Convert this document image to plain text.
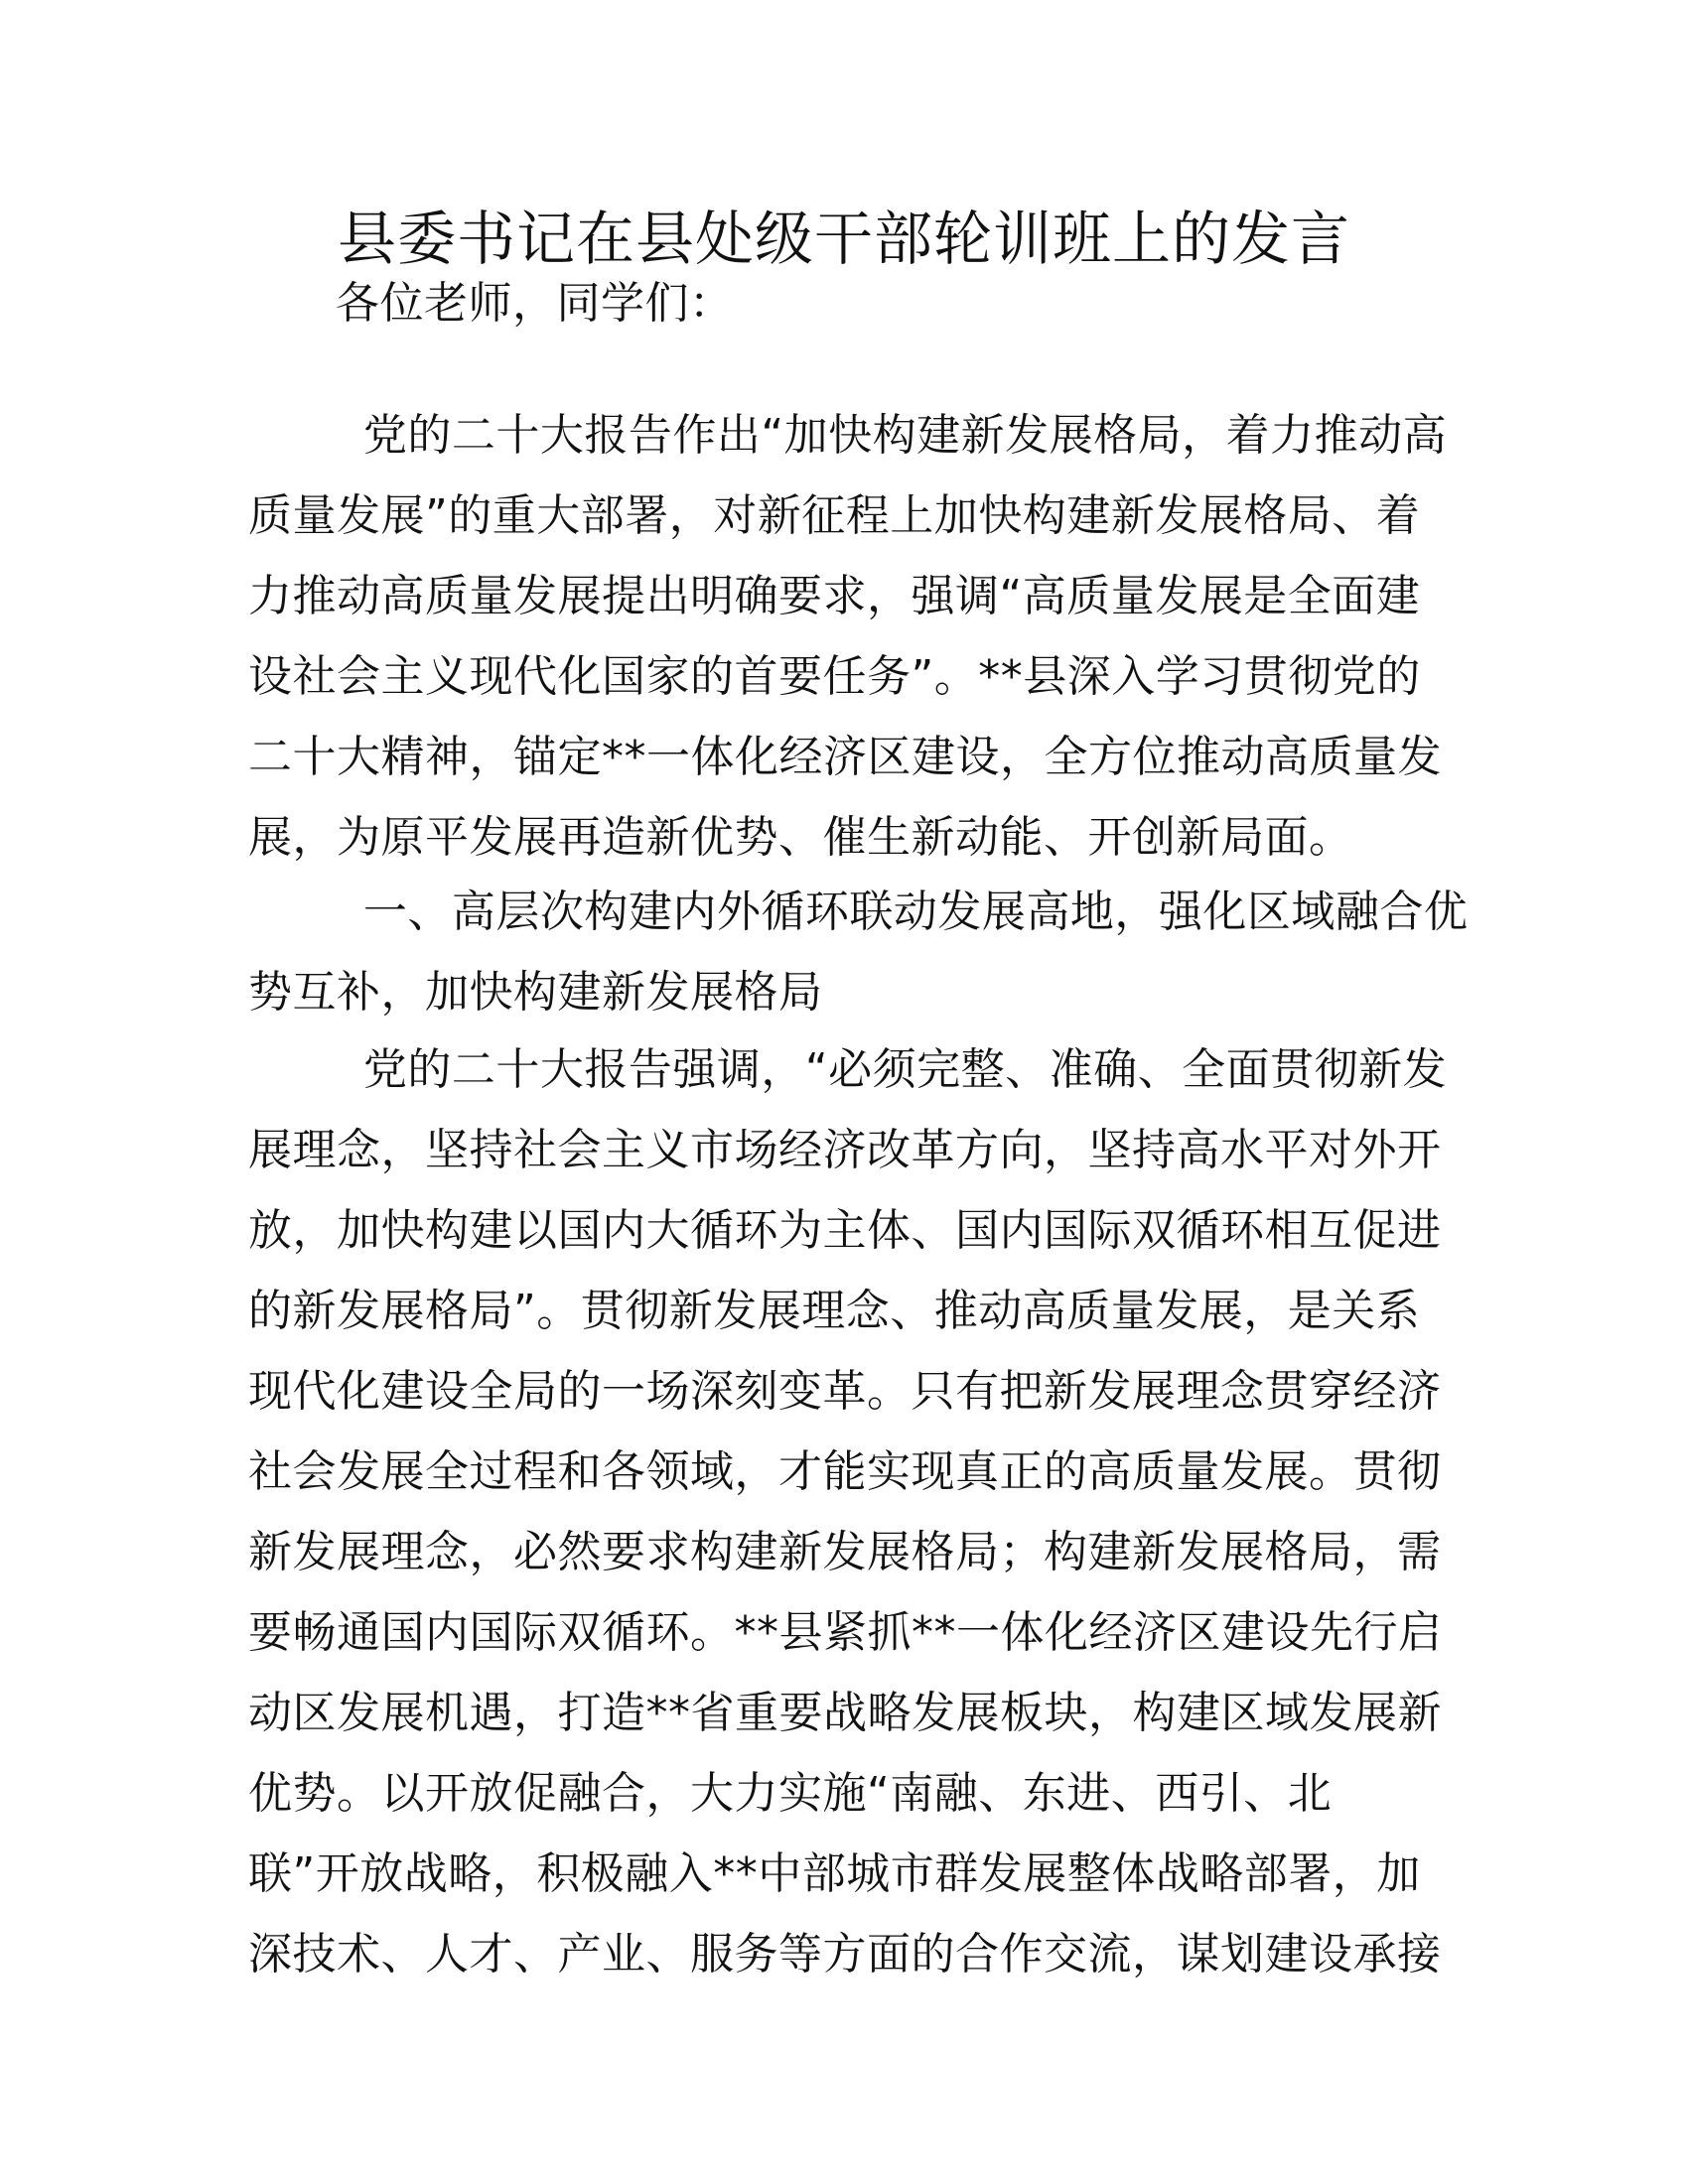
县委书记在县处级干部轮训班上的发言
各位老师，同学们：
党的二十大报告作出“加快构建新发展格局，着力推动高
质量发展”的重大部署，对新征程上加快构建新发展格局、着
力推动高质量发展提出明确要求，强调“高质量发展是全面建
设社会主义现代化国家的首要任务”。**县深入学习贯彻党的
二十大精神，锚定**一体化经济区建设，全方位推动高质量发
展，为原平发展再造新优势、催生新动能、开创新局面。
一、高层次构建内外循环联动发展高地，强化区域融合优
势互补，加快构建新发展格局
党的二十大报告强调，“必须完整、准确、全面贯彻新发
展理念，坚持社会主义市场经济改革方向，坚持高水平对外开
放，加快构建以国内大循环为主体、国内国际双循环相互促进
的新发展格局”。贯彻新发展理念、推动高质量发展，是关系
现代化建设全局的一场深刻变革。只有把新发展理念贯穿经济
社会发展全过程和各领域，才能实现真正的高质量发展。贯彻
新发展理念，必然要求构建新发展格局；构建新发展格局，需
要畅通国内国际双循环。**县紧抓**一体化经济区建设先行启
动区发展机遇，打造**省重要战略发展板块，构建区域发展新
优势。以开放促融合，大力实施“南融、东进、西引、北
联”开放战略，积极融入**中部城市群发展整体战略部署，加
深技术、人才、产业、服务等方面的合作交流，谋划建设承接
